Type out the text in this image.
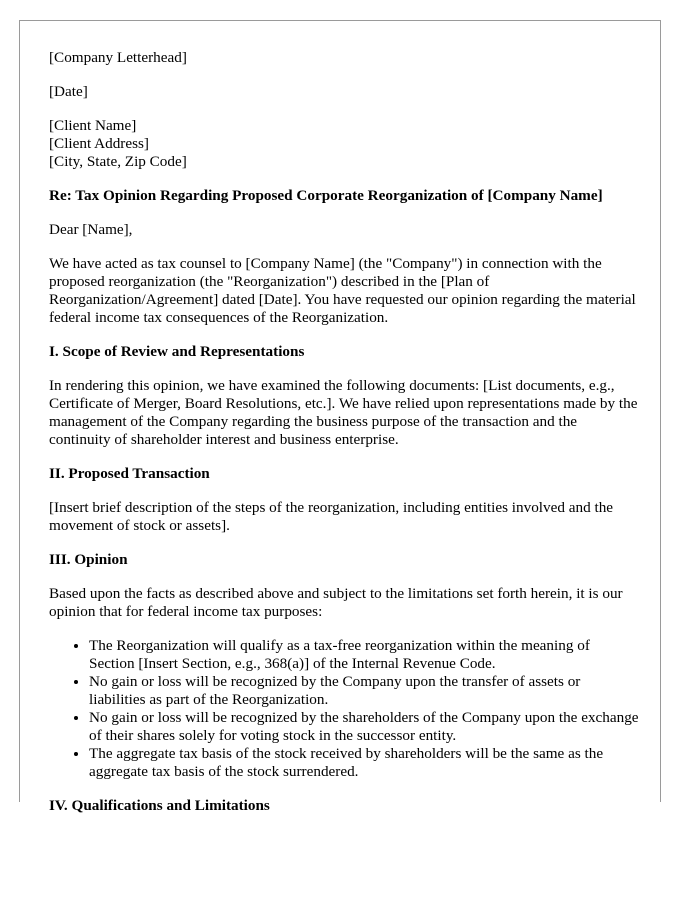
[Company Letterhead]

[Date]

[Client Name]
[Client Address]
[City, State, Zip Code]

Re: Tax Opinion Regarding Proposed Corporate Reorganization of [Company Name]

Dear [Name],

We have acted as tax counsel to [Company Name] (the "Company") in connection with the proposed reorganization (the "Reorganization") described in the [Plan of Reorganization/Agreement] dated [Date]. You have requested our opinion regarding the material federal income tax consequences of the Reorganization.

I. Scope of Review and Representations

In rendering this opinion, we have examined the following documents: [List documents, e.g., Certificate of Merger, Board Resolutions, etc.]. We have relied upon representations made by the management of the Company regarding the business purpose of the transaction and the continuity of shareholder interest and business enterprise.

II. Proposed Transaction

[Insert brief description of the steps of the reorganization, including entities involved and the movement of stock or assets].

III. Opinion

Based upon the facts as described above and subject to the limitations set forth herein, it is our opinion that for federal income tax purposes:

• The Reorganization will qualify as a tax-free reorganization within the meaning of Section [Insert Section, e.g., 368(a)] of the Internal Revenue Code.
• No gain or loss will be recognized by the Company upon the transfer of assets or liabilities as part of the Reorganization.
• No gain or loss will be recognized by the shareholders of the Company upon the exchange of their shares solely for voting stock in the successor entity.
• The aggregate tax basis of the stock received by shareholders will be the same as the aggregate tax basis of the stock surrendered.
IV. Qualifications and Limitations
